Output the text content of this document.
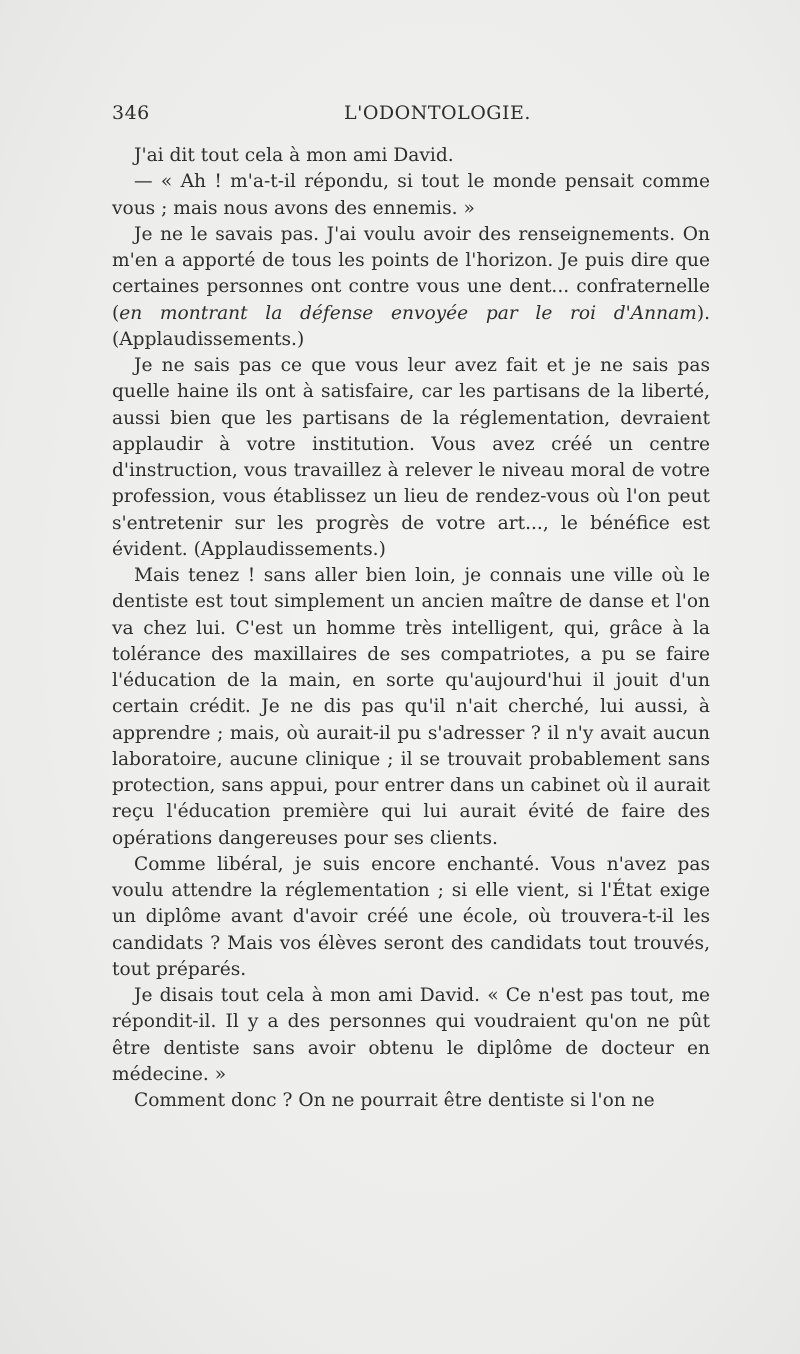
346	L'ODONTOLOGIE.

J'ai dit tout cela à mon ami David.

— « Ah ! m'a-t-il répondu, si tout le monde pensait comme vous ; mais nous avons des ennemis. »

Je ne le savais pas. J'ai voulu avoir des renseignements. On m'en a apporté de tous les points de l'horizon. Je puis dire que certaines personnes ont contre vous une dent... confraternelle (en montrant la défense envoyée par le roi d'Annam). (Applaudissements.)

Je ne sais pas ce que vous leur avez fait et je ne sais pas quelle haine ils ont à satisfaire, car les partisans de la liberté, aussi bien que les partisans de la réglementation, devraient applaudir à votre institution. Vous avez créé un centre d'instruction, vous travaillez à relever le niveau moral de votre profession, vous établissez un lieu de rendez-vous où l'on peut s'entretenir sur les progrès de votre art..., le bénéfice est évident. (Applaudissements.)

Mais tenez ! sans aller bien loin, je connais une ville où le dentiste est tout simplement un ancien maître de danse et l'on va chez lui. C'est un homme très intelligent, qui, grâce à la tolérance des maxillaires de ses compatriotes, a pu se faire l'éducation de la main, en sorte qu'aujourd'hui il jouit d'un certain crédit. Je ne dis pas qu'il n'ait cherché, lui aussi, à apprendre ; mais, où aurait-il pu s'adresser ? il n'y avait aucun laboratoire, aucune clinique ; il se trouvait probablement sans protection, sans appui, pour entrer dans un cabinet où il aurait reçu l'éducation première qui lui aurait évité de faire des opérations dangereuses pour ses clients.

Comme libéral, je suis encore enchanté. Vous n'avez pas voulu attendre la réglementation ; si elle vient, si l'État exige un diplôme avant d'avoir créé une école, où trouvera-t-il les candidats ? Mais vos élèves seront des candidats tout trouvés, tout préparés.

Je disais tout cela à mon ami David. « Ce n'est pas tout, me répondit-il. Il y a des personnes qui voudraient qu'on ne pût être dentiste sans avoir obtenu le diplôme de docteur en médecine. »

Comment donc ? On ne pourrait être dentiste si l'on ne
